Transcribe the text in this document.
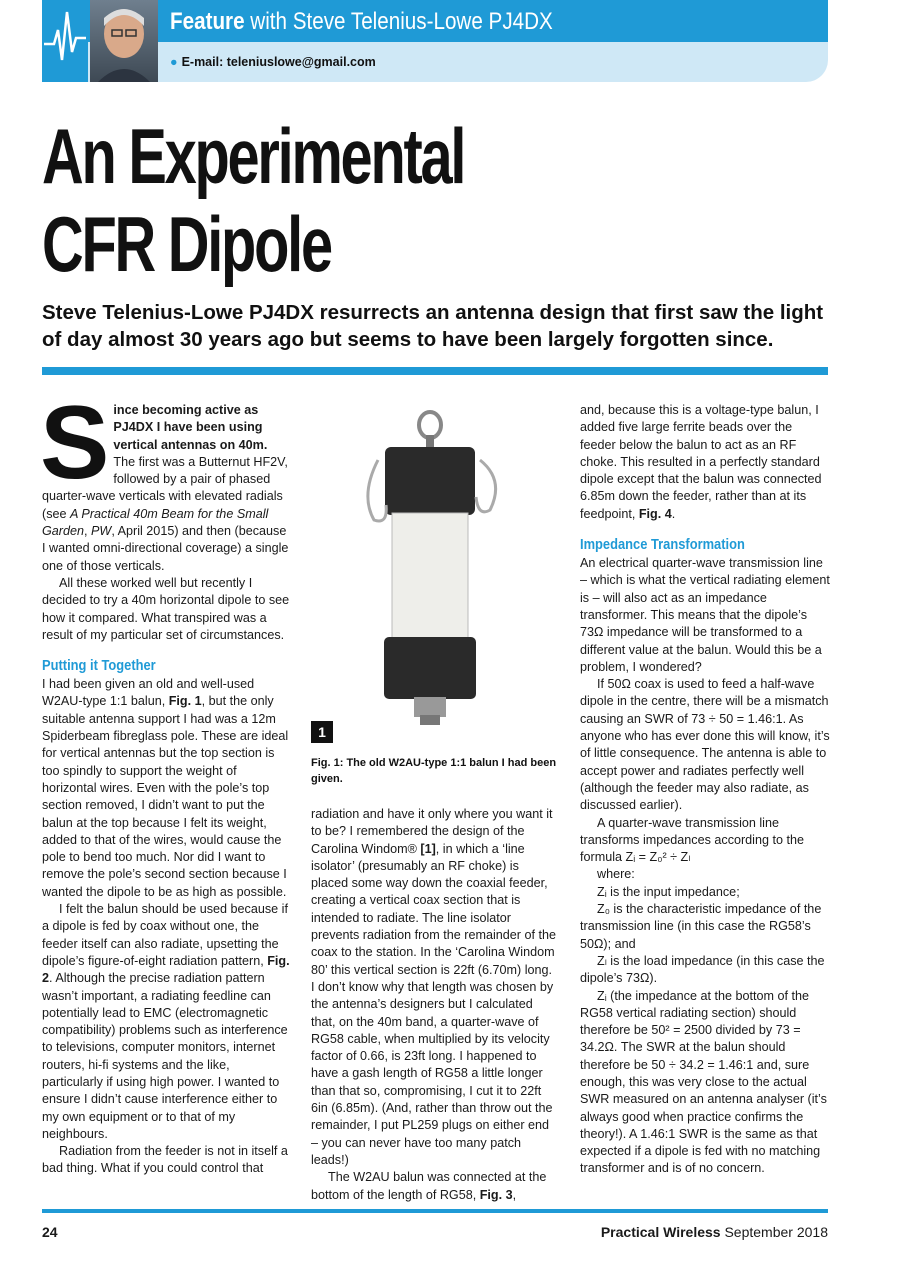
Feature with Steve Telenius-Lowe PJ4DX
● E-mail: teleniuslowe@gmail.com
An Experimental
CFR Dipole
Steve Telenius-Lowe PJ4DX resurrects an antenna design that first saw the light of day almost 30 years ago but seems to have been largely forgotten since.

Since becoming active as PJ4DX I have been using vertical antennas on 40m. The first was a Butternut HF2V, followed by a pair of phased quarter-wave verticals with elevated radials (see A Practical 40m Beam for the Small Garden, PW, April 2015) and then (because I wanted omni-directional coverage) a single one of those verticals.

All these worked well but recently I decided to try a 40m horizontal dipole to see how it compared. What transpired was a result of my particular set of circumstances.

Putting it Together

I had been given an old and well-used W2AU-type 1:1 balun, Fig. 1, but the only suitable antenna support I had was a 12m Spiderbeam fibreglass pole. These are ideal for vertical antennas but the top section is too spindly to support the weight of horizontal wires. Even with the pole’s top section removed, I didn’t want to put the balun at the top because I felt its weight, added to that of the wires, would cause the pole to bend too much. Nor did I want to remove the pole’s second section because I wanted the dipole to be as high as possible.

I felt the balun should be used because if a dipole is fed by coax without one, the feeder itself can also radiate, upsetting the dipole’s figure-of-eight radiation pattern, Fig. 2. Although the precise radiation pattern wasn’t important, a radiating feedline can potentially lead to EMC (electromagnetic compatibility) problems such as interference to televisions, computer monitors, internet routers, hi-fi systems and the like, particularly if using high power. I wanted to ensure I didn’t cause interference either to my own equipment or to that of my neighbours.

Radiation from the feeder is not in itself a bad thing. What if you could control that

1
Fig. 1: The old W2AU-type 1:1 balun I had been given.

radiation and have it only where you want it to be? I remembered the design of the Carolina Windom® [1], in which a ‘line isolator’ (presumably an RF choke) is placed some way down the coaxial feeder, creating a vertical coax section that is intended to radiate. The line isolator prevents radiation from the remainder of the coax to the station. In the ‘Carolina Windom 80’ this vertical section is 22ft (6.70m) long. I don’t know why that length was chosen by the antenna’s designers but I calculated that, on the 40m band, a quarter-wave of RG58 cable, when multiplied by its velocity factor of 0.66, is 23ft long. I happened to have a gash length of RG58 a little longer than that so, compromising, I cut it to 22ft 6in (6.85m). (And, rather than throw out the remainder, I put PL259 plugs on either end – you can never have too many patch leads!)

The W2AU balun was connected at the bottom of the length of RG58, Fig. 3,

and, because this is a voltage-type balun, I added five large ferrite beads over the feeder below the balun to act as an RF choke. This resulted in a perfectly standard dipole except that the balun was connected 6.85m down the feeder, rather than at its feedpoint, Fig. 4.

Impedance Transformation

An electrical quarter-wave transmission line – which is what the vertical radiating element is – will also act as an impedance transformer. This means that the dipole’s 73Ω impedance will be transformed to a different value at the balun. Would this be a problem, I wondered?

If 50Ω coax is used to feed a half-wave dipole in the centre, there will be a mismatch causing an SWR of 73 ÷ 50 = 1.46:1. As anyone who has ever done this will know, it’s of little consequence. The antenna is able to accept power and radiates perfectly well (although the feeder may also radiate, as discussed earlier).

A quarter-wave transmission line transforms impedances according to the formula Zᵢ = Z₀² ÷ Zₗ

where:

Zᵢ is the input impedance;

Z₀ is the characteristic impedance of the transmission line (in this case the RG58’s 50Ω); and

Zₗ is the load impedance (in this case the dipole’s 73Ω).

Zᵢ (the impedance at the bottom of the RG58 vertical radiating section) should therefore be 50² = 2500 divided by 73 = 34.2Ω. The SWR at the balun should therefore be 50 ÷ 34.2 = 1.46:1 and, sure enough, this was very close to the actual SWR measured on an antenna analyser (it’s always good when practice confirms the theory!). A 1.46:1 SWR is the same as that expected if a dipole is fed with no matching transformer and is of no concern.

24	Practical Wireless September 2018
